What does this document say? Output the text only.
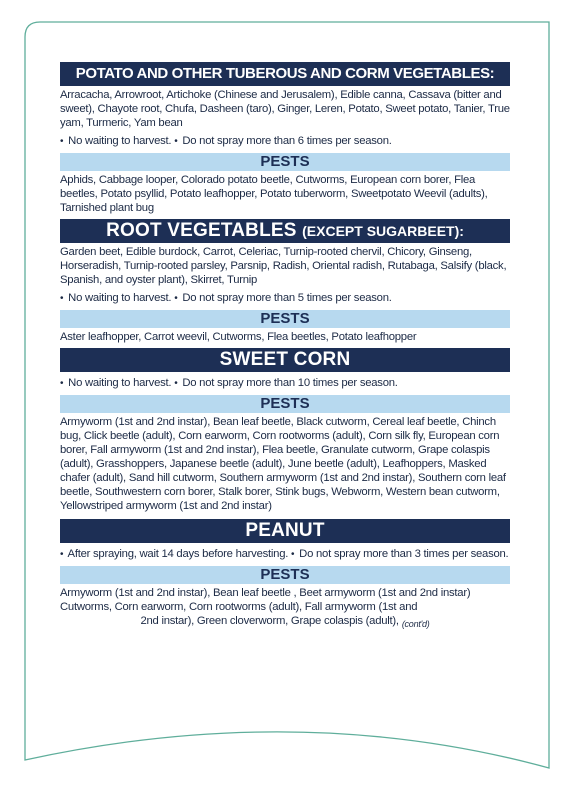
POTATO AND OTHER TUBEROUS AND CORM VEGETABLES:
Arracacha, Arrowroot, Artichoke (Chinese and Jerusalem), Edible canna, Cassava (bitter and sweet), Chayote root, Chufa, Dasheen (taro), Ginger, Leren, Potato, Sweet potato, Tanier, True yam, Turmeric, Yam bean
• No waiting to harvest. • Do not spray more than 6 times per season.
PESTS
Aphids, Cabbage looper, Colorado potato beetle, Cutworms, European corn borer, Flea beetles, Potato psyllid, Potato leafhopper, Potato tuberworm, Sweetpotato Weevil (adults), Tarnished plant bug
ROOT VEGETABLES (EXCEPT SUGARBEET):
Garden beet, Edible burdock, Carrot, Celeriac, Turnip-rooted chervil, Chicory, Ginseng, Horseradish, Turnip-rooted parsley, Parsnip, Radish, Oriental radish, Rutabaga, Salsify (black, Spanish, and oyster plant), Skirret, Turnip
• No waiting to harvest. • Do not spray more than 5 times per season.
PESTS
Aster leafhopper, Carrot weevil, Cutworms, Flea beetles, Potato leafhopper
SWEET CORN
• No waiting to harvest. • Do not spray more than 10 times per season.
PESTS
Armyworm (1st and 2nd instar), Bean leaf beetle, Black cutworm, Cereal leaf beetle, Chinch bug, Click beetle (adult), Corn earworm, Corn rootworms (adult), Corn silk fly, European corn borer, Fall armyworm (1st and 2nd instar), Flea beetle, Granulate cutworm, Grape colaspis (adult), Grasshoppers, Japanese beetle (adult), June beetle (adult), Leafhoppers, Masked chafer (adult), Sand hill cutworm, Southern armyworm (1st and 2nd instar), Southern corn leaf beetle, Southwestern corn borer, Stalk borer, Stink bugs, Webworm, Western bean cutworm, Yellowstriped armyworm (1st and 2nd instar)
PEANUT
• After spraying, wait 14 days before harvesting. • Do not spray more than 3 times per season.
PESTS
Armyworm (1st and 2nd instar), Bean leaf beetle , Beet armyworm (1st and 2nd instar) Cutworms, Corn earworm, Corn rootworms (adult), Fall armyworm (1st and
2nd instar), Green cloverworm, Grape colaspis (adult), $_{(cont'd)}$
